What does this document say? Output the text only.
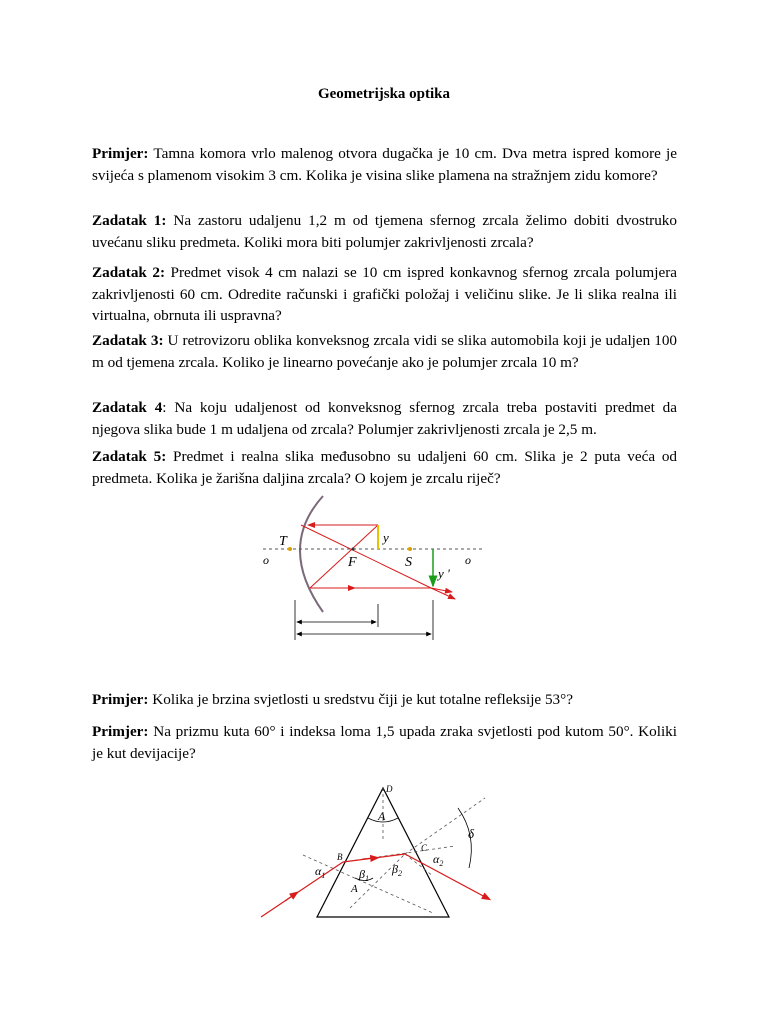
Geometrijska optika
Primjer: Tamna komora vrlo malenog otvora dugačka je 10 cm. Dva metra ispred komore je svijeća s plamenom visokim 3 cm. Kolika je visina slike plamena na stražnjem zidu komore?
Zadatak 1: Na zastoru udaljenu 1,2 m od tjemena sfernog zrcala želimo dobiti dvostruko uvećanu sliku predmeta. Koliki mora biti polumjer zakrivljenosti zrcala?
Zadatak 2: Predmet visok 4 cm nalazi se 10 cm ispred konkavnog sfernog zrcala polumjera zakrivljenosti 60 cm. Odredite računski i grafički položaj i veličinu slike. Je li slika realna ili virtualna, obrnuta ili uspravna?
Zadatak 3: U retrovizoru oblika konveksnog zrcala vidi se slika automobila koji je udaljen 100 m od tjemena zrcala. Koliko je linearno povećanje ako je polumjer zrcala 10 m?
Zadatak 4: Na koju udaljenost od konveksnog sfernog zrcala treba postaviti predmet da njegova slika bude 1 m udaljena od zrcala? Polumjer zakrivljenosti zrcala je 2,5 m.
Zadatak 5: Predmet i realna slika međusobno su udaljeni 60 cm. Slika je 2 puta veća od predmeta. Kolika je žarišna daljina zrcala? O kojem je zrcalu riječ?
T
o	F	S
y
y '
o
Primjer: Kolika je brzina svjetlosti u sredstvu čiji je kut totalne refleksije 53°?
Primjer: Na prizmu kuta 60° i indeksa loma 1,5 upada zraka svjetlosti pod kutom 50°. Koliki je kut devijacije?
D
A
B
C
$\alpha_1$	$\beta_1$
$\beta_2$
$\alpha_2$
A
δ
